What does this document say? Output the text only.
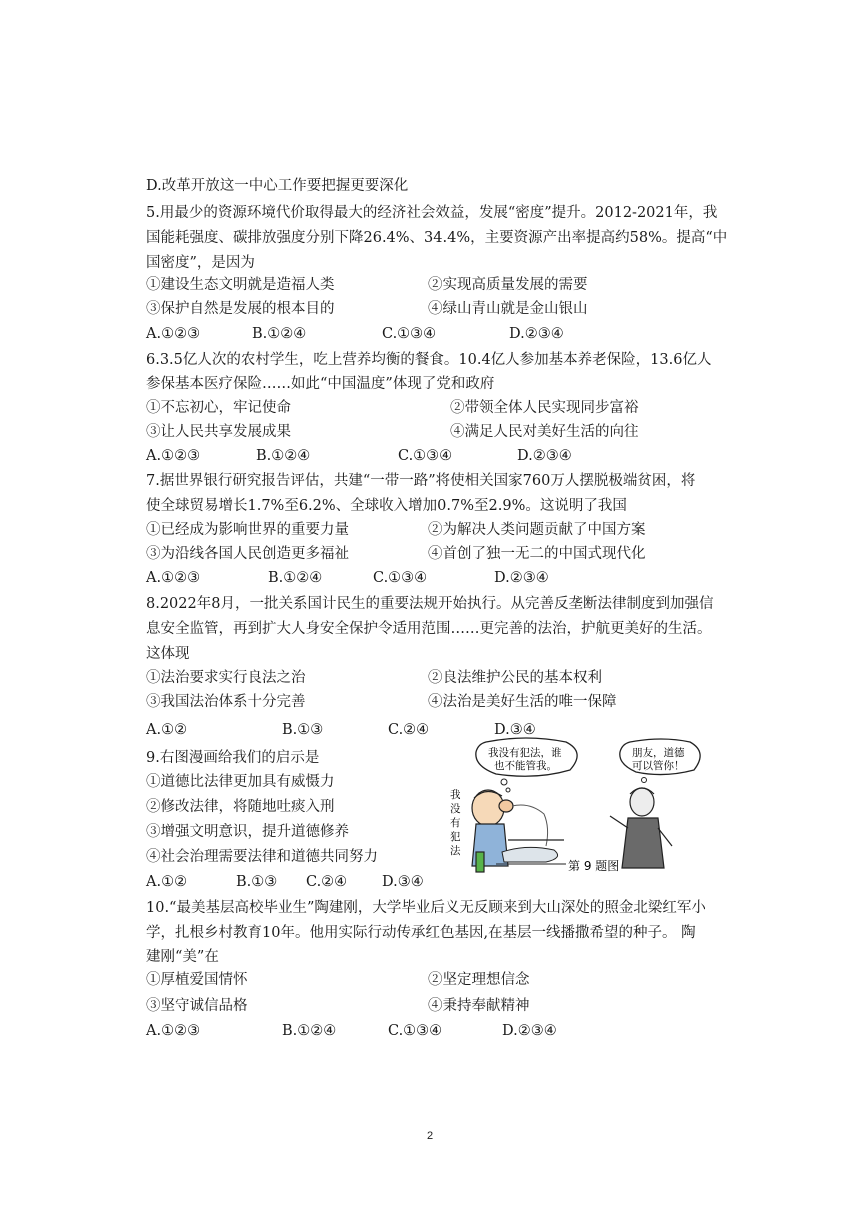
D.改革开放这一中心工作要把握更要深化
5.用最少的资源环境代价取得最大的经济社会效益，发展“密度”提升。2012-2021年，我
国能耗强度、碳排放强度分别下降26.4%、34.4%，主要资源产出率提高约58%。提高“中
国密度”，是因为
①建设生态文明就是造福人类	②实现高质量发展的需要
③保护自然是发展的根本目的	④绿山青山就是金山银山
A.①②③	B.①②④	C.①③④	D.②③④
6.3.5亿人次的农村学生，吃上营养均衡的餐食。10.4亿人参加基本养老保险，13.6亿人
参保基本医疗保险……如此“中国温度”体现了党和政府
①不忘初心，牢记使命	②带领全体人民实现同步富裕
③让人民共享发展成果	④满足人民对美好生活的向往
A.①②③	B.①②④	C.①③④	D.②③④
7.据世界银行研究报告评估，共建“一带一路”将使相关国家760万人摆脱极端贫困，将
使全球贸易增长1.7%至6.2%、全球收入增加0.7%至2.9%。这说明了我国
①已经成为影响世界的重要力量	②为解决人类问题贡献了中国方案
③为沿线各国人民创造更多福祉	④首创了独一无二的中国式现代化
A.①②③	B.①②④	C.①③④	D.②③④
8.2022年8月，一批关系国计民生的重要法规开始执行。从完善反垄断法律制度到加强信
息安全监管，再到扩大人身安全保护令适用范围……更完善的法治，护航更美好的生活。
这体现
①法治要求实行良法之治	②良法维护公民的基本权利
③我国法治体系十分完善	④法治是美好生活的唯一保障
A.①②	B.①③	C.②④	D.③④
9.右图漫画给我们的启示是
①道德比法律更加具有威慑力
②修改法律，将随地吐痰入刑
③增强文明意识，提升道德修养
④社会治理需要法律和道德共同努力
A.①②	B.①③ C.②④ D.③④
我没有犯法，谁
也不能管我。
朋友，道德
可以管你！
我
没
有
犯
法
第 9 题图
10.“最美基层高校毕业生”陶建刚，大学毕业后义无反顾来到大山深处的照金北梁红军小
学，扎根乡村教育10年。他用实际行动传承红色基因,在基层一线播撒希望的种子。 陶
建刚“美”在
①厚植爱国情怀	②坚定理想信念
③坚守诚信品格	④秉持奉献精神
A.①②③	B.①②④	C.①③④	D.②③④
2
